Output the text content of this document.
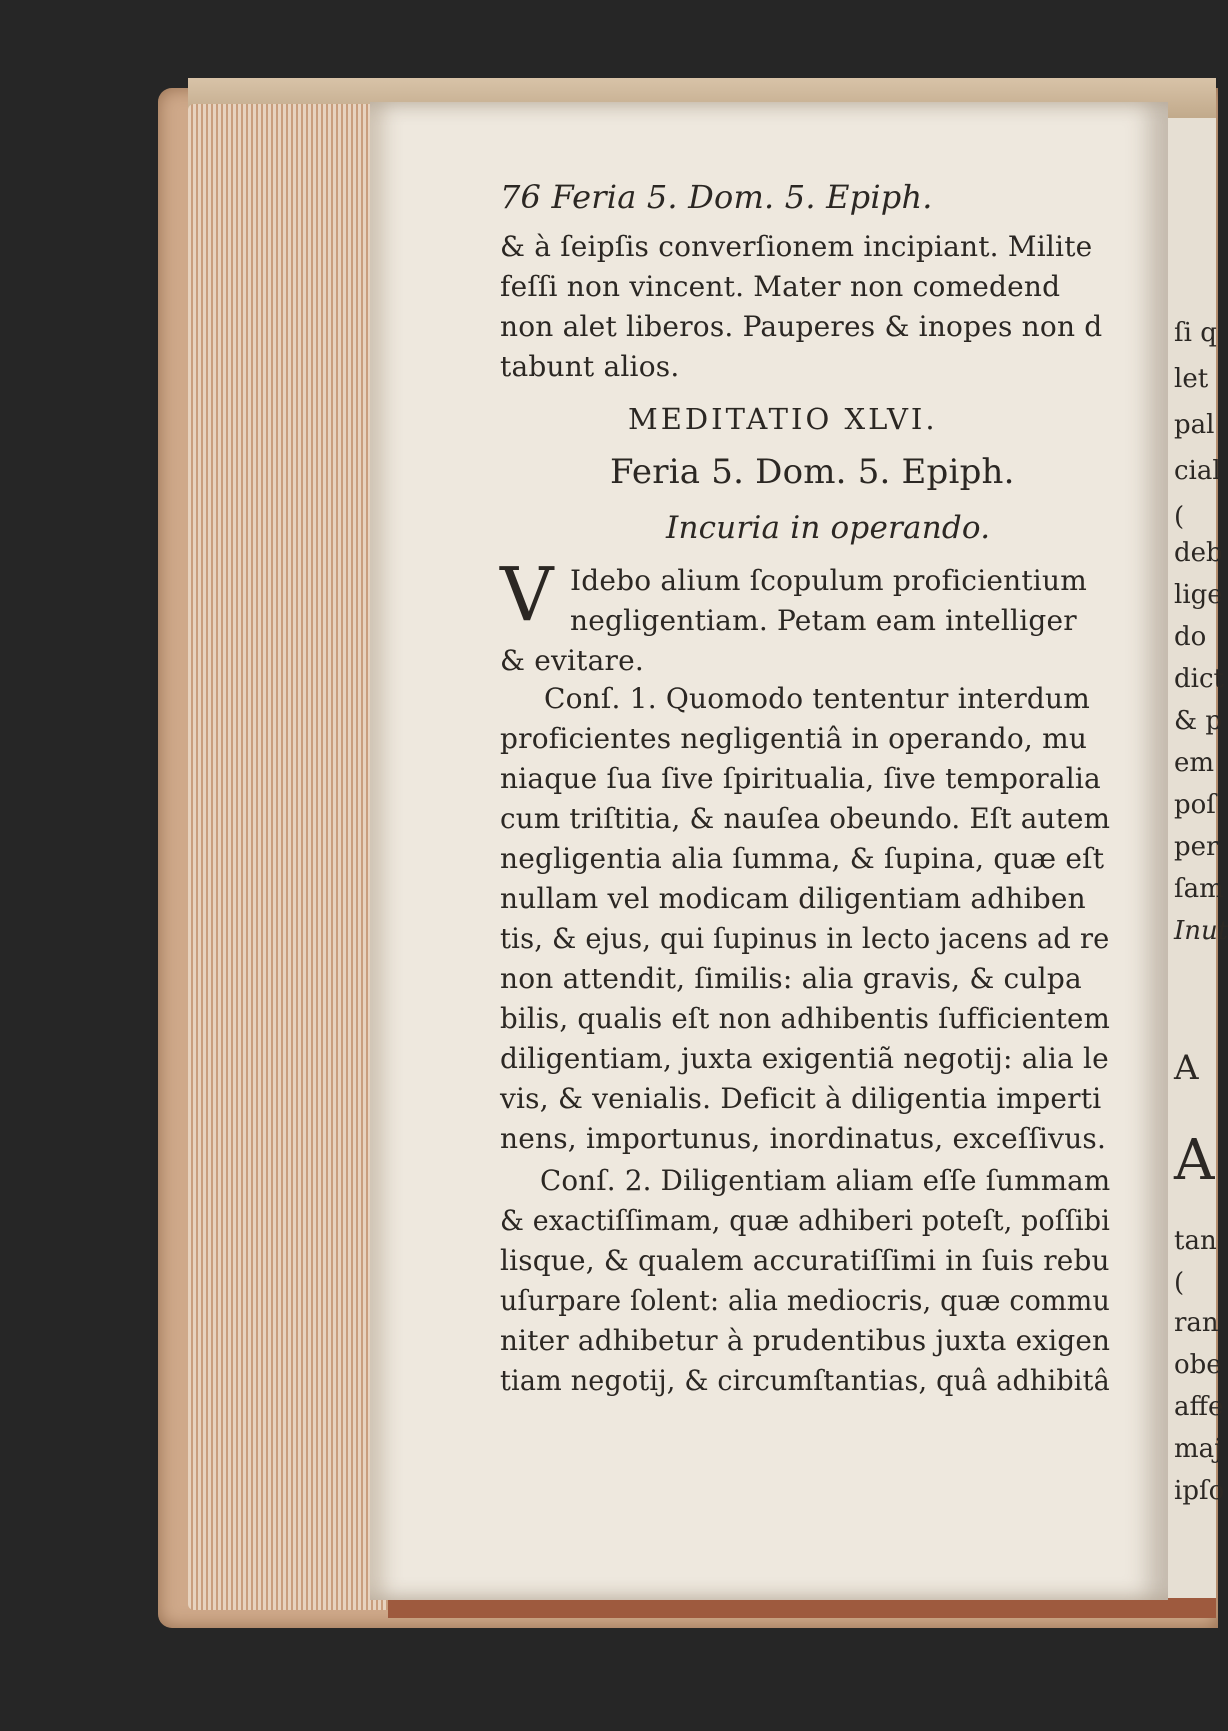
ſi q
let
pal
cial
(
deb
lige
do
dict
& p
em
poſ
per
ſam
Inut
A
A
tan
(
ran
obe
affe
maj
ipſo
76 Feria 5. Dom. 5. Epiph.
& à ſeipſis converſionem incipiant. Milite
feſſi non vincent. Mater non comedend
non alet liberos. Pauperes & inopes non d
tabunt alios.
MEDITATIO XLVI.
Feria 5. Dom. 5. Epiph.
Incuria in operando.
V Idebo alium ſcopulum proficientium
negligentiam. Petam eam intelliger
& evitare.
Conſ. 1. Quomodo tententur interdum
proficientes negligentiâ in operando, mu
niaque ſua ſive ſpiritualia, ſive temporalia
cum triſtitia, & nauſea obeundo. Eſt autem
negligentia alia ſumma, & ſupina, quæ eſt
nullam vel modicam diligentiam adhiben
tis, & ejus, qui ſupinus in lecto jacens ad re
non attendit, ſimilis: alia gravis, & culpa
bilis, qualis eſt non adhibentis ſufficientem
diligentiam, juxta exigentiã negotij: alia le
vis, & venialis. Deficit à diligentia imperti
nens, importunus, inordinatus, exceſſivus.
Conſ. 2. Diligentiam aliam eſſe ſummam
& exactiſſimam, quæ adhiberi poteſt, poſſibi
lisque, & qualem accuratiſſimi in ſuis rebu
uſurpare ſolent: alia mediocris, quæ commu
niter adhibetur à prudentibus juxta exigen
tiam negotij, & circumſtantias, quâ adhibitâ
